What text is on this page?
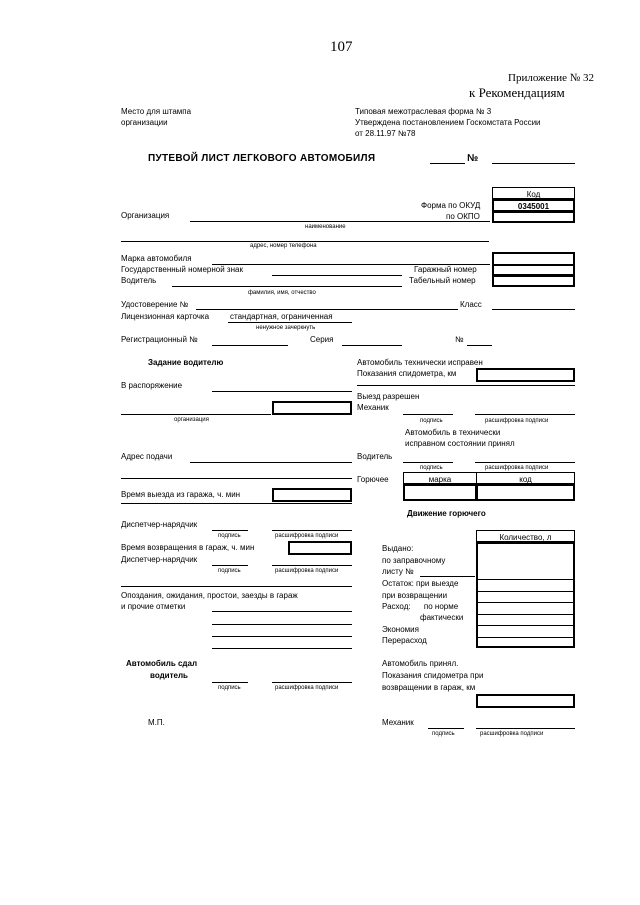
107
Приложение № 32
к Рекомендациям
Место для штампа
организации
Типовая межотраслевая форма № 3
Утверждена постановлением Госкомстата России
от 28.11.97 №78
ПУТЕВОЙ ЛИСТ ЛЕГКОВОГО АВТОМОБИЛЯ	№
Код
0345001
Форма по ОКУД
по ОКПО
Организация
наименование
адрес, номер телефона
Марка автомобиля
Государственный номерной знак
Водитель
фамилия, имя, отчество
Гаражный номер
Табельный номер
Удостоверение №	Класс
Лицензионная карточка	стандартная, ограниченная
ненужное зачеркнуть
Регистрационный №	Серия	№
Задание водителю
В распоряжение
организация
Адрес подачи
Время выезда из гаража, ч. мин
Диспетчер-нарядчик
подпись	расшифровка подписи
Время возвращения в гараж, ч. мин
Диспетчер-нарядчик
подпись	расшифровка подписи
Опоздания, ожидания, простои, заезды в гараж
и прочие отметки
Автомобиль сдал
водитель
подпись	расшифровка подписи
М.П.
Автомобиль технически исправен
Показания спидометра, км
Выезд разрешен
Механик
подпись	расшифровка подписи
Автомобиль в технически
исправном состоянии принял
Водитель
подпись	расшифровка подписи
Горючее	марка	код
Движение горючего
Количество, л
Выдано:
по заправочному
листу №
Остаток: при выезде
при возвращении
Расход:      по норме
фактически
Экономия
Перерасход
Автомобиль принял.
Показания спидометра при
возвращении в гараж, км
Механик
подпись	расшифровка подписи
